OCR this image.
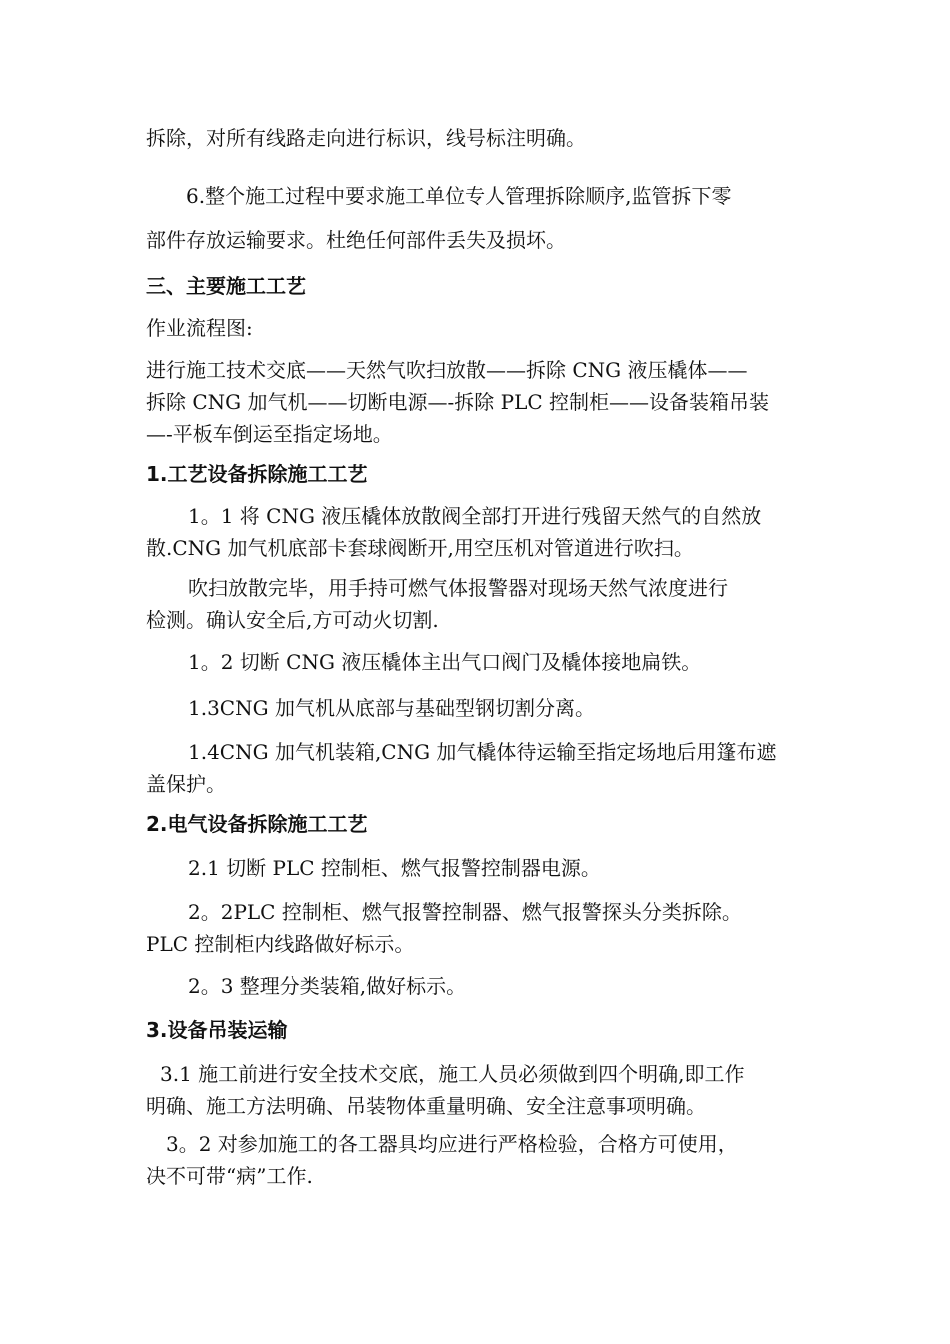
拆除，对所有线路走向进行标识，线号标注明确。

6.整个施工过程中要求施工单位专人管理拆除顺序,监管拆下零
部件存放运输要求。杜绝任何部件丢失及损坏。

三、主要施工工艺

作业流程图:

进行施工技术交底——天然气吹扫放散——拆除 CNG 液压橇体——
拆除 CNG 加气机——切断电源—-拆除 PLC 控制柜——设备装箱吊装
—-平板车倒运至指定场地。

1.工艺设备拆除施工工艺

1。1 将 CNG 液压橇体放散阀全部打开进行残留天然气的自然放
散.CNG 加气机底部卡套球阀断开,用空压机对管道进行吹扫。

吹扫放散完毕，用手持可燃气体报警器对现场天然气浓度进行
检测。确认安全后,方可动火切割.

1。2 切断 CNG 液压橇体主出气口阀门及橇体接地扁铁。

1.3CNG 加气机从底部与基础型钢切割分离。

1.4CNG 加气机装箱,CNG 加气橇体待运输至指定场地后用篷布遮
盖保护。

2.电气设备拆除施工工艺

2.1 切断 PLC 控制柜、燃气报警控制器电源。

2。2PLC 控制柜、燃气报警控制器、燃气报警探头分类拆除。
PLC 控制柜内线路做好标示。

2。3 整理分类装箱,做好标示。

3.设备吊装运输

3.1 施工前进行安全技术交底，施工人员必须做到四个明确,即工作
明确、施工方法明确、吊装物体重量明确、安全注意事项明确。

3。2 对参加施工的各工器具均应进行严格检验，合格方可使用，
决不可带“病”工作.
